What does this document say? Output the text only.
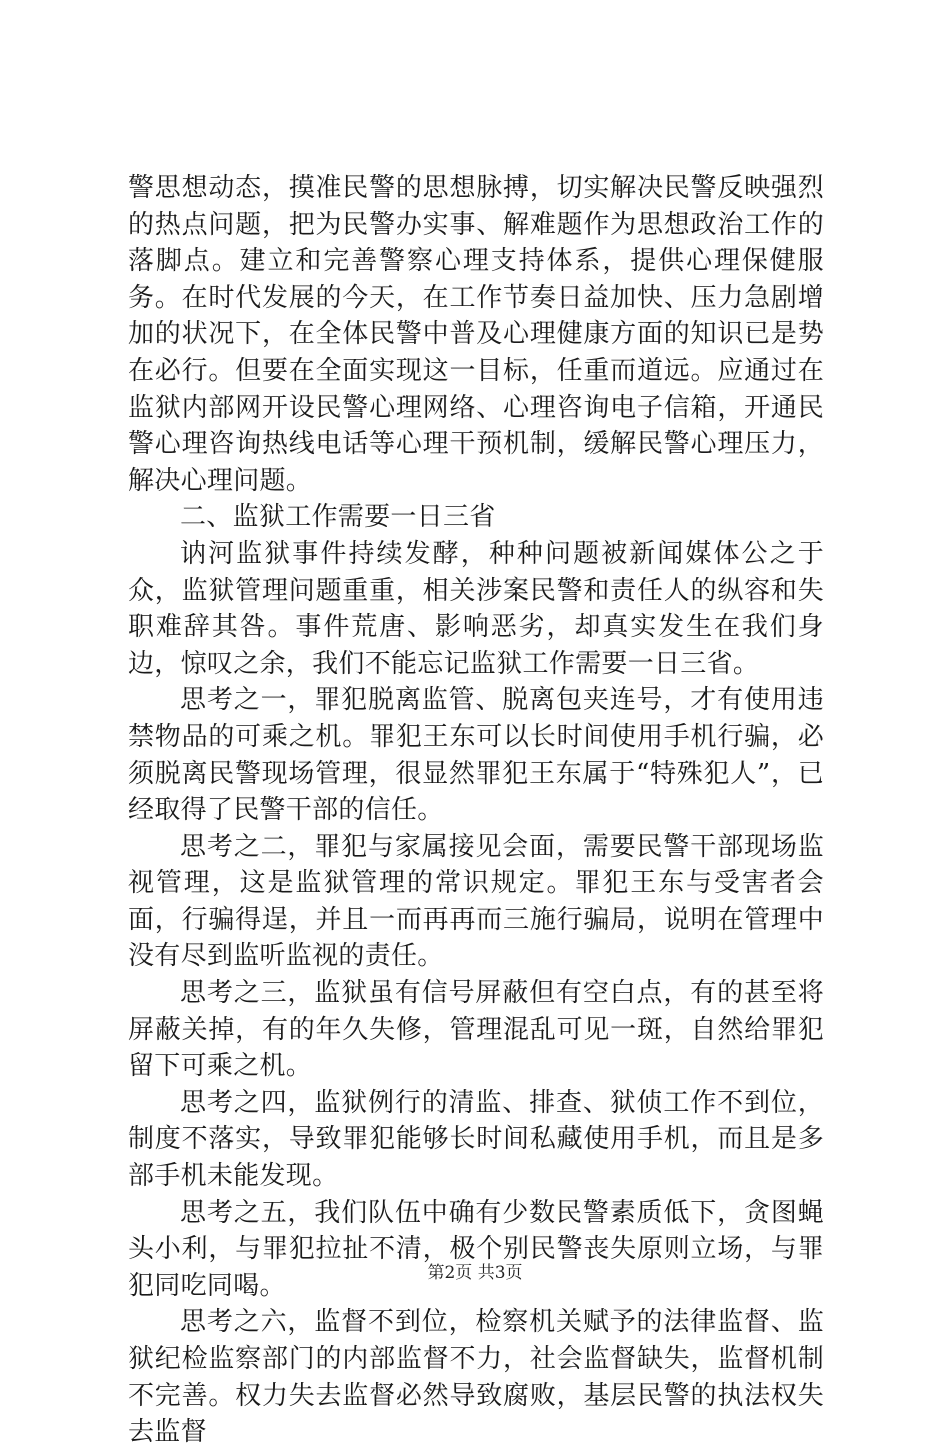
警思想动态，摸准民警的思想脉搏，切实解决民警反映强烈的热点问题，把为民警办实事、解难题作为思想政治工作的落脚点。建立和完善警察心理支持体系，提供心理保健服务。在时代发展的今天，在工作节奏日益加快、压力急剧增加的状况下，在全体民警中普及心理健康方面的知识已是势在必行。但要在全面实现这一目标，任重而道远。应通过在监狱内部网开设民警心理网络、心理咨询电子信箱，开通民警心理咨询热线电话等心理干预机制，缓解民警心理压力，解决心理问题。

二、监狱工作需要一日三省

讷河监狱事件持续发酵，种种问题被新闻媒体公之于众，监狱管理问题重重，相关涉案民警和责任人的纵容和失职难辞其咎。事件荒唐、影响恶劣，却真实发生在我们身边，惊叹之余，我们不能忘记监狱工作需要一日三省。

思考之一，罪犯脱离监管、脱离包夹连号，才有使用违禁物品的可乘之机。罪犯王东可以长时间使用手机行骗，必须脱离民警现场管理，很显然罪犯王东属于“特殊犯人”，已经取得了民警干部的信任。

思考之二，罪犯与家属接见会面，需要民警干部现场监视管理，这是监狱管理的常识规定。罪犯王东与受害者会面，行骗得逞，并且一而再再而三施行骗局，说明在管理中没有尽到监听监视的责任。

思考之三，监狱虽有信号屏蔽但有空白点，有的甚至将屏蔽关掉，有的年久失修，管理混乱可见一斑，自然给罪犯留下可乘之机。

思考之四，监狱例行的清监、排查、狱侦工作不到位，制度不落实，导致罪犯能够长时间私藏使用手机，而且是多部手机未能发现。

思考之五，我们队伍中确有少数民警素质低下，贪图蝇头小利，与罪犯拉扯不清，极个别民警丧失原则立场，与罪犯同吃同喝。

思考之六，监督不到位，检察机关赋予的法律监督、监狱纪检监察部门的内部监督不力，社会监督缺失，监督机制不完善。权力失去监督必然导致腐败，基层民警的执法权失去监督

第2页 共3页
